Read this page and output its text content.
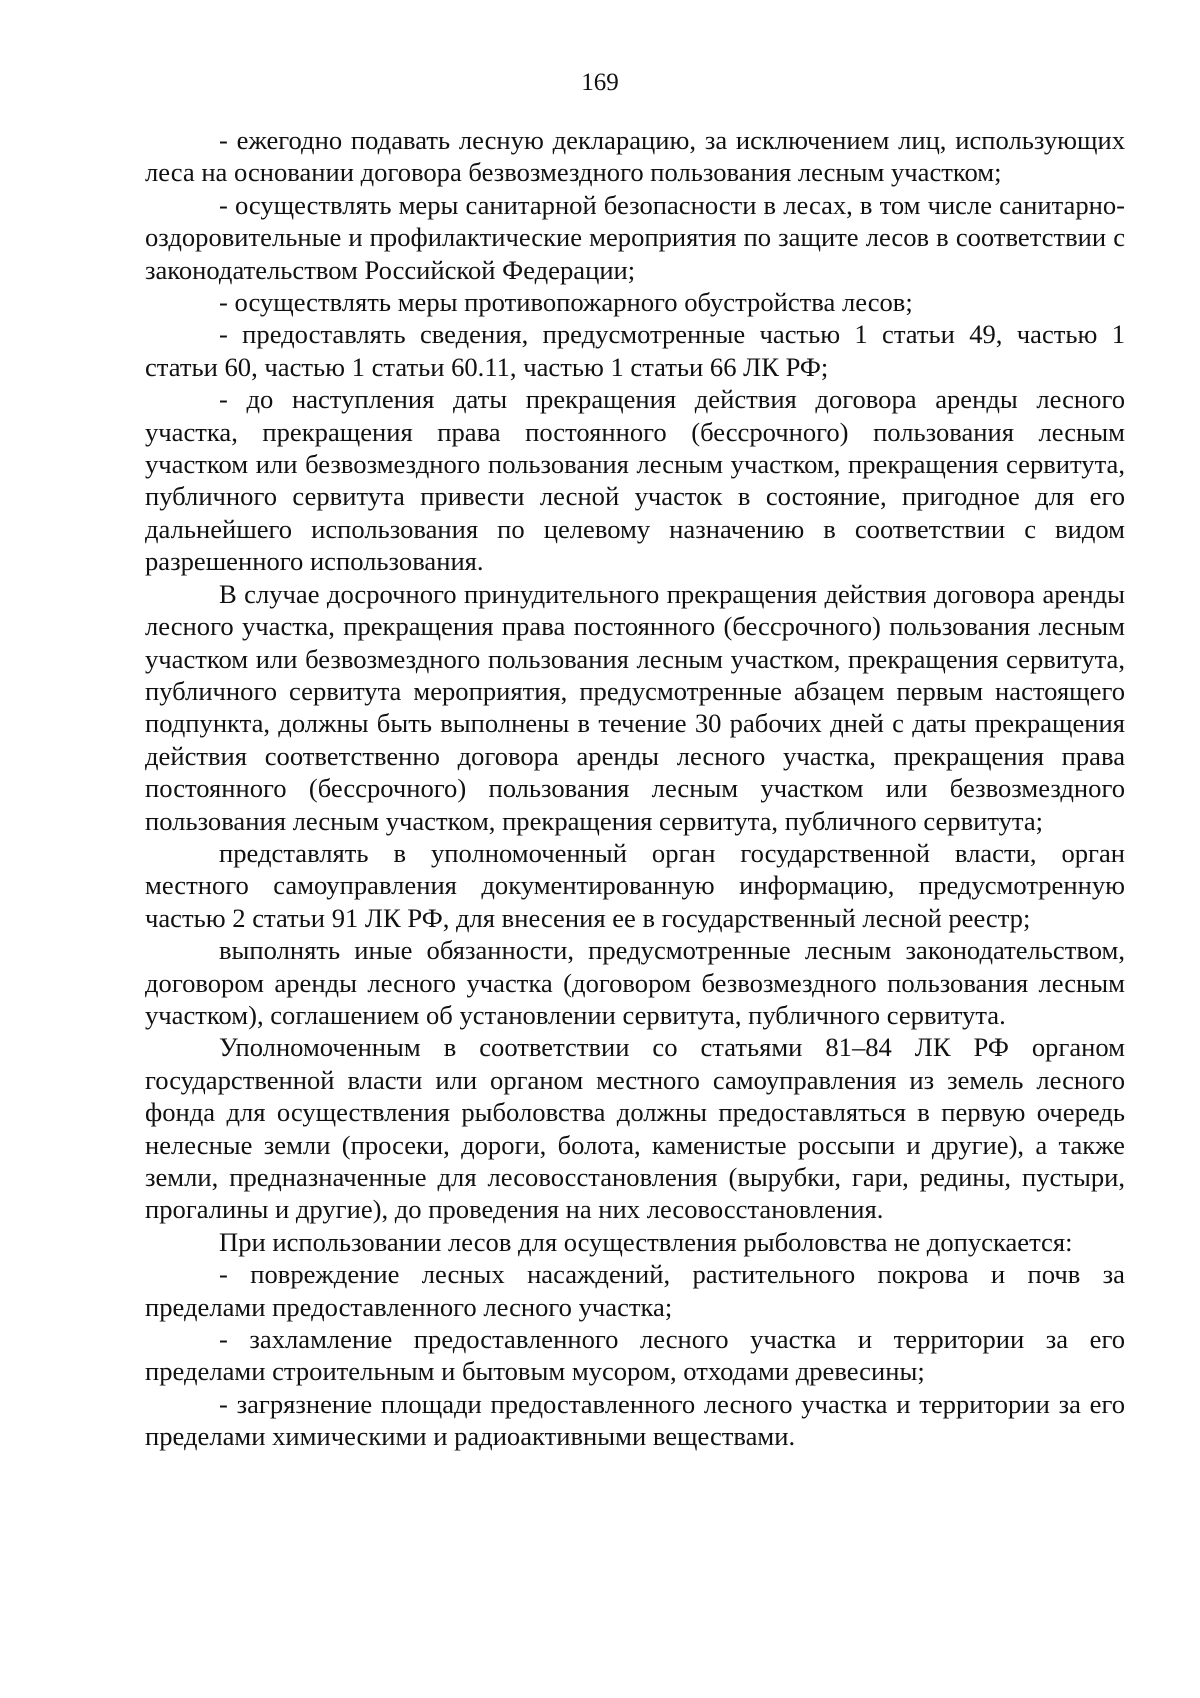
169

- ежегодно подавать лесную декларацию, за исключением лиц, использующих леса на основании договора безвозмездного пользования лесным участком;

- осуществлять меры санитарной безопасности в лесах, в том числе санитарно-оздоровительные и профилактические мероприятия по защите лесов в соответствии с законодательством Российской Федерации;

- осуществлять меры противопожарного обустройства лесов;

- предоставлять сведения, предусмотренные частью 1 статьи 49, частью 1 статьи 60, частью 1 статьи 60.11, частью 1 статьи 66 ЛК РФ;

- до наступления даты прекращения действия договора аренды лесного участка, прекращения права постоянного (бессрочного) пользования лесным участком или безвозмездного пользования лесным участком, прекращения сервитута, публичного сервитута привести лесной участок в состояние, пригодное для его дальнейшего использования по целевому назначению в соответствии с видом разрешенного использования.

В случае досрочного принудительного прекращения действия договора аренды лесного участка, прекращения права постоянного (бессрочного) пользования лесным участком или безвозмездного пользования лесным участком, прекращения сервитута, публичного сервитута мероприятия, предусмотренные абзацем первым настоящего подпункта, должны быть выполнены в течение 30 рабочих дней с даты прекращения действия соответственно договора аренды лесного участка, прекращения права постоянного (бессрочного) пользования лесным участком или безвозмездного пользования лесным участком, прекращения сервитута, публичного сервитута;

представлять в уполномоченный орган государственной власти, орган местного самоуправления документированную информацию, предусмотренную частью 2 статьи 91 ЛК РФ, для внесения ее в государственный лесной реестр;

выполнять иные обязанности, предусмотренные лесным законодательством, договором аренды лесного участка (договором безвозмездного пользования лесным участком), соглашением об установлении сервитута, публичного сервитута.

Уполномоченным в соответствии со статьями 81–84 ЛК РФ органом государственной власти или органом местного самоуправления из земель лесного фонда для осуществления рыболовства должны предоставляться в первую очередь нелесные земли (просеки, дороги, болота, каменистые россыпи и другие), а также земли, предназначенные для лесовосстановления (вырубки, гари, редины, пустыри, прогалины и другие), до проведения на них лесовосстановления.

При использовании лесов для осуществления рыболовства не допускается:

- повреждение лесных насаждений, растительного покрова и почв за пределами предоставленного лесного участка;

- захламление предоставленного лесного участка и территории за его пределами строительным и бытовым мусором, отходами древесины;

- загрязнение площади предоставленного лесного участка и территории за его пределами химическими и радиоактивными веществами.
